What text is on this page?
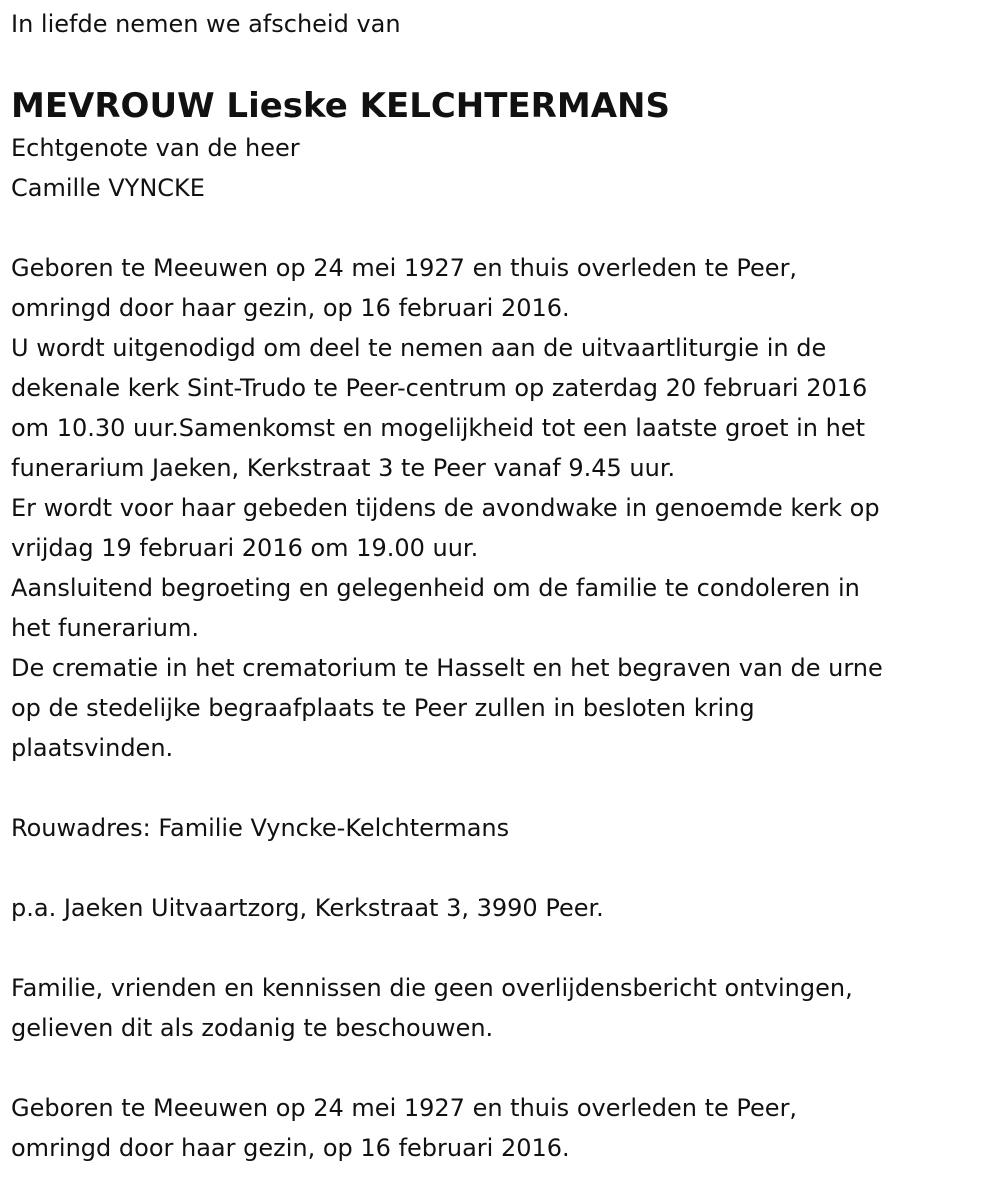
In liefde nemen we afscheid van
MEVROUW Lieske KELCHTERMANS
Echtgenote van de heer
Camille VYNCKE
Geboren te Meeuwen op 24 mei 1927 en thuis overleden te Peer,
omringd door haar gezin, op 16 februari 2016.
U wordt uitgenodigd om deel te nemen aan de uitvaartliturgie in de
dekenale kerk Sint-Trudo te Peer-centrum op zaterdag 20 februari 2016
om 10.30 uur.Samenkomst en mogelijkheid tot een laatste groet in het
funerarium Jaeken, Kerkstraat 3 te Peer vanaf 9.45 uur.
Er wordt voor haar gebeden tijdens de avondwake in genoemde kerk op
vrijdag 19 februari 2016 om 19.00 uur.
Aansluitend begroeting en gelegenheid om de familie te condoleren in
het funerarium.
De crematie in het crematorium te Hasselt en het begraven van de urne
op de stedelijke begraafplaats te Peer zullen in besloten kring
plaatsvinden.
Rouwadres: Familie Vyncke-Kelchtermans
p.a. Jaeken Uitvaartzorg, Kerkstraat 3, 3990 Peer.
Familie, vrienden en kennissen die geen overlijdensbericht ontvingen,
gelieven dit als zodanig te beschouwen.
Geboren te Meeuwen op 24 mei 1927 en thuis overleden te Peer,
omringd door haar gezin, op 16 februari 2016.
